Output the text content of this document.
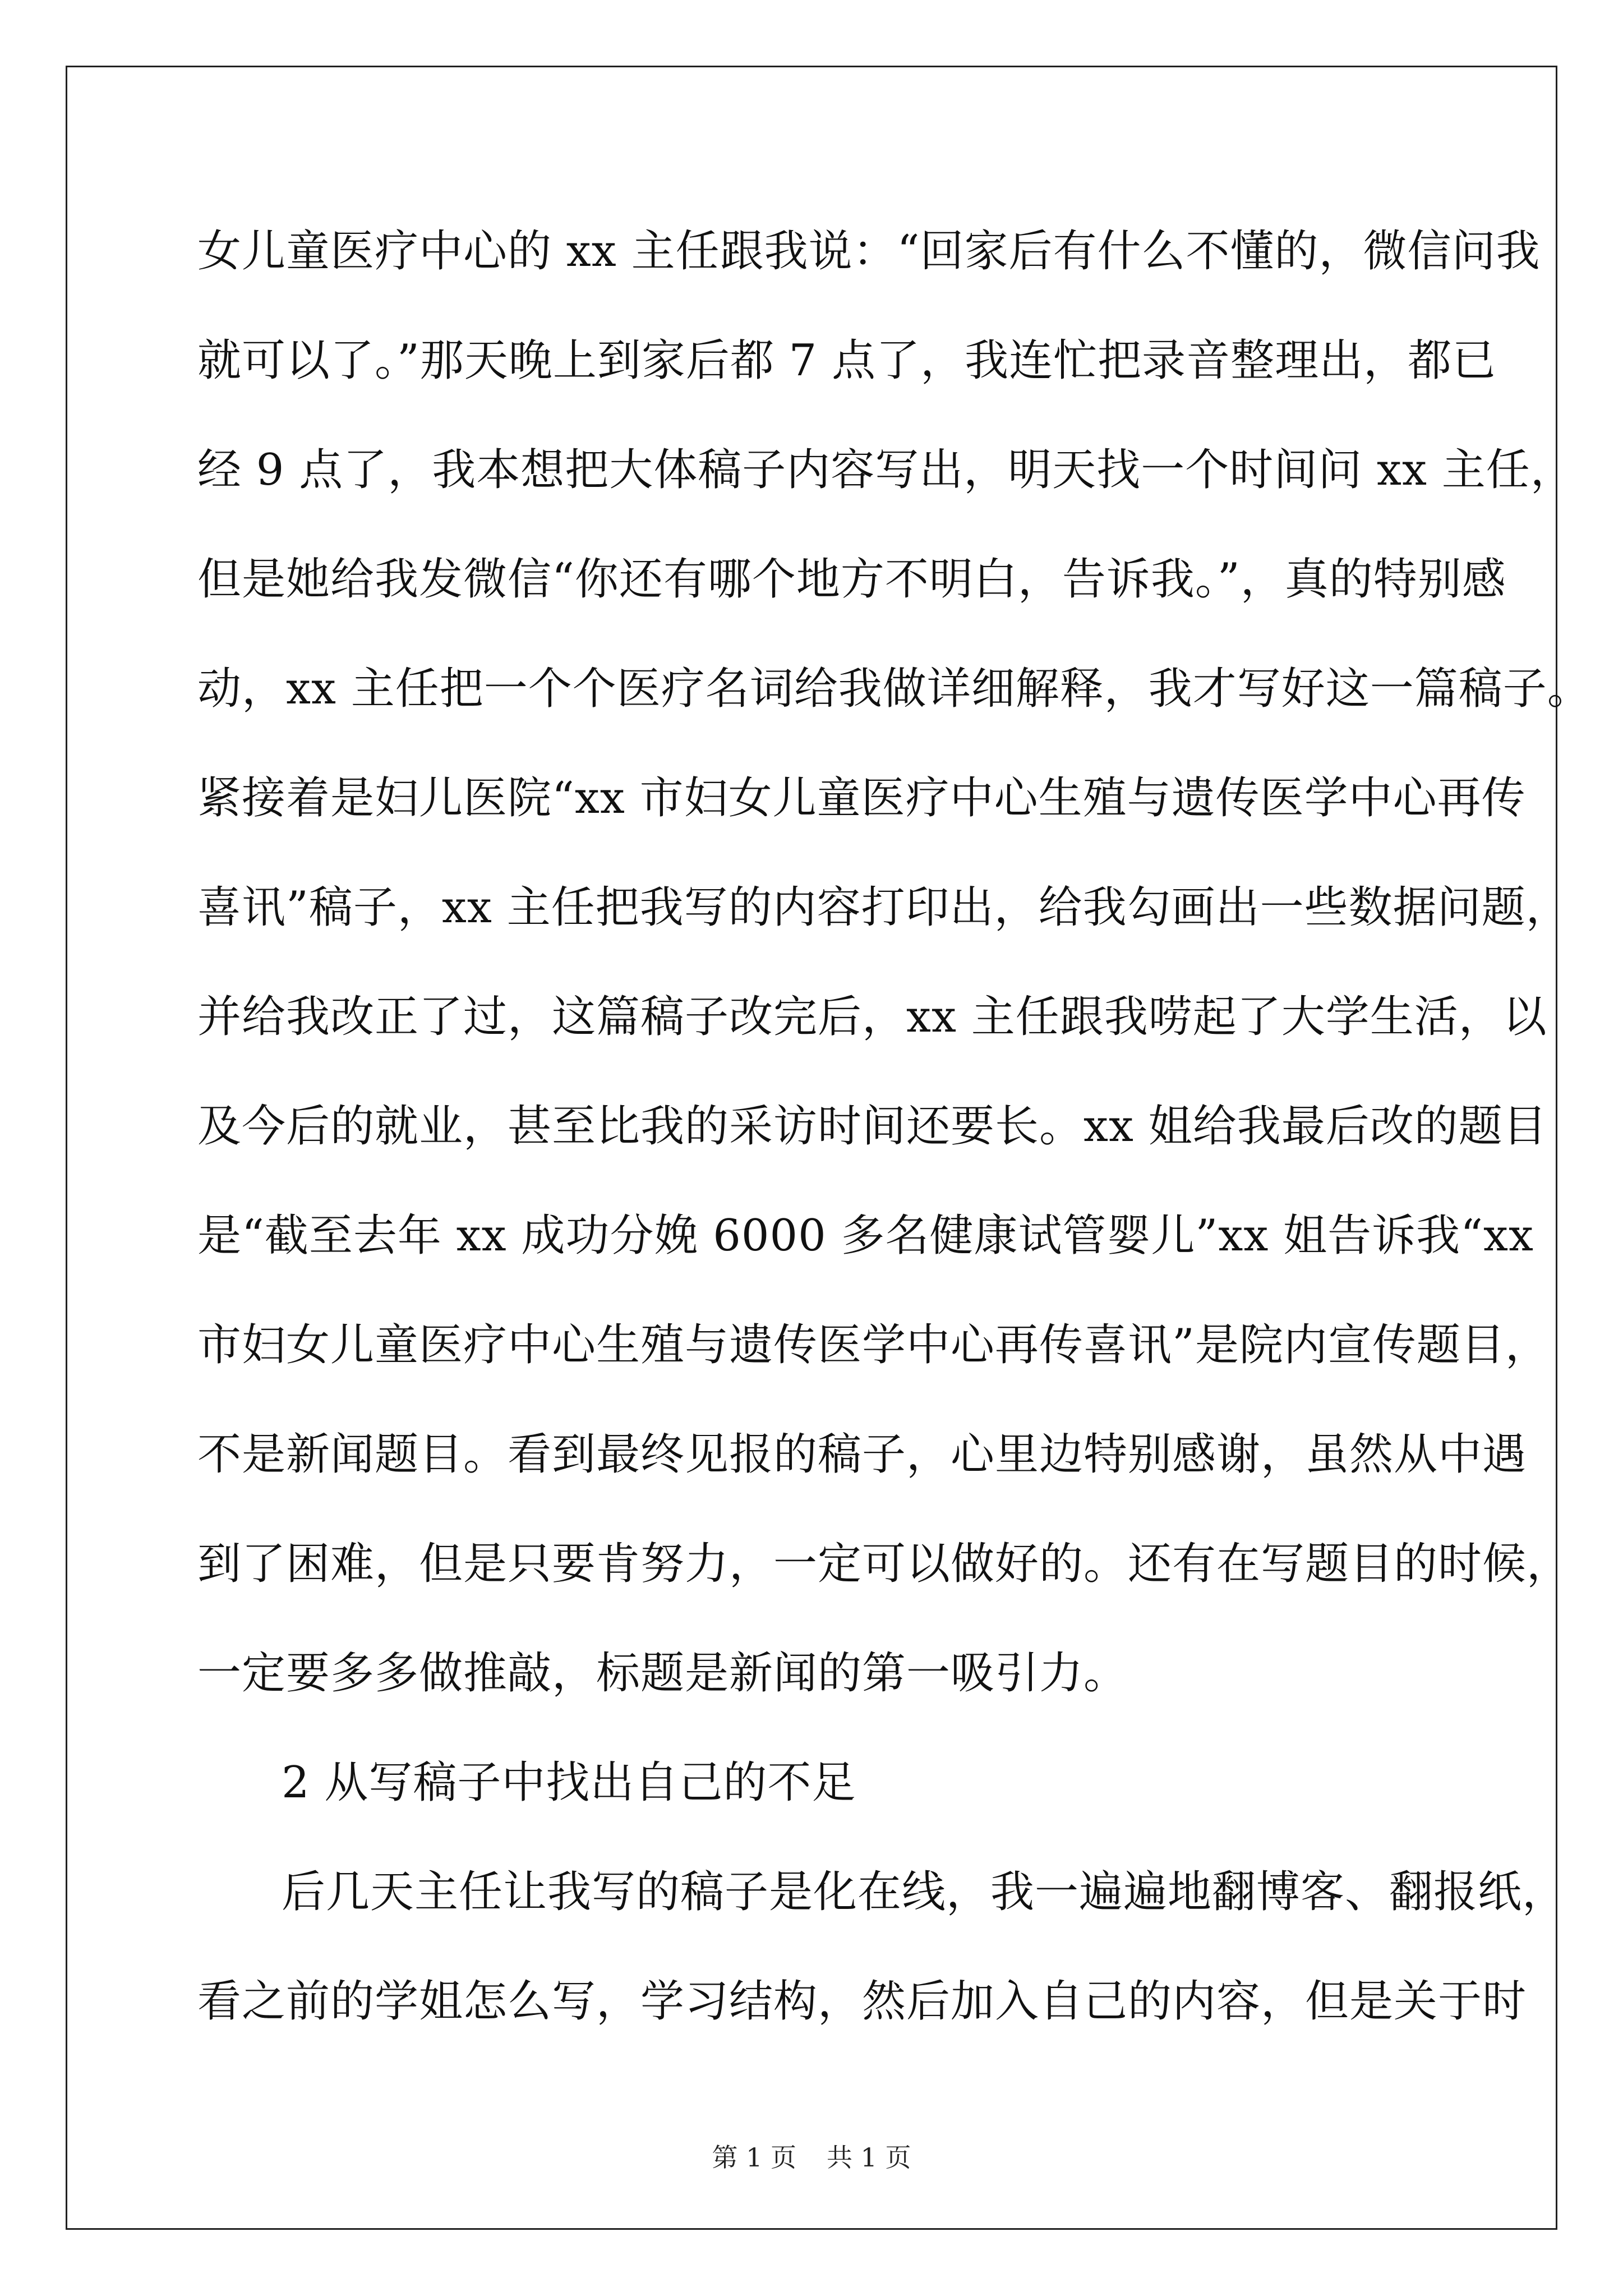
女儿童医疗中心的 xx 主任跟我说：“回家后有什么不懂的，微信问我
就可以了。”那天晚上到家后都 7 点了，我连忙把录音整理出，都已
经 9 点了，我本想把大体稿子内容写出，明天找一个时间问 xx 主任，
但是她给我发微信“你还有哪个地方不明白，告诉我。”，真的特别感
动，xx 主任把一个个医疗名词给我做详细解释，我才写好这一篇稿子。
紧接着是妇儿医院“xx 市妇女儿童医疗中心生殖与遗传医学中心再传
喜讯”稿子，xx 主任把我写的内容打印出，给我勾画出一些数据问题，
并给我改正了过，这篇稿子改完后，xx 主任跟我唠起了大学生活，以
及今后的就业，甚至比我的采访时间还要长。xx 姐给我最后改的题目
是“截至去年 xx 成功分娩 6000 多名健康试管婴儿”xx 姐告诉我“xx
市妇女儿童医疗中心生殖与遗传医学中心再传喜讯”是院内宣传题目，
不是新闻题目。看到最终见报的稿子，心里边特别感谢，虽然从中遇
到了困难，但是只要肯努力，一定可以做好的。还有在写题目的时候，
一定要多多做推敲，标题是新闻的第一吸引力。
2 从写稿子中找出自己的不足
后几天主任让我写的稿子是化在线，我一遍遍地翻博客、翻报纸，
看之前的学姐怎么写，学习结构，然后加入自己的内容，但是关于时
第 1 页 共 1 页
